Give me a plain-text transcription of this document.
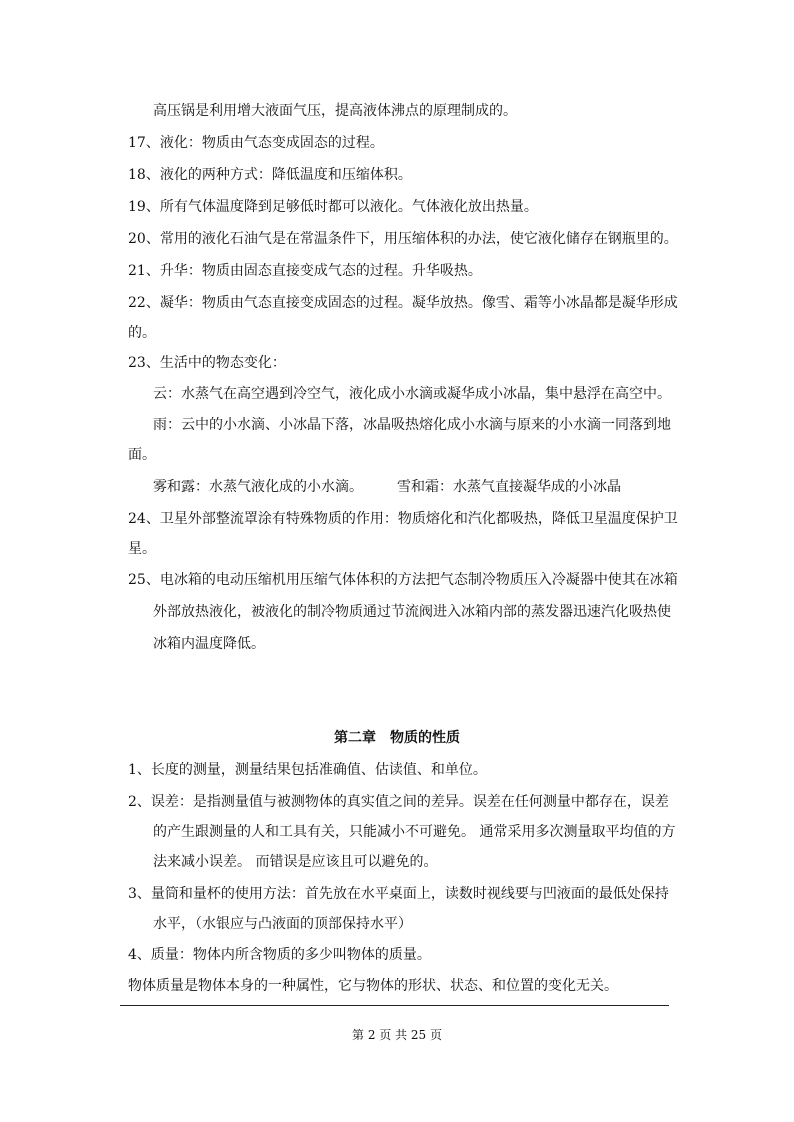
高压锅是利用增大液面气压，提高液体沸点的原理制成的。
17、液化：物质由气态变成固态的过程。
18、液化的两种方式：降低温度和压缩体积。
19、所有气体温度降到足够低时都可以液化。气体液化放出热量。
20、常用的液化石油气是在常温条件下，用压缩体积的办法，使它液化储存在钢瓶里的。
21、升华：物质由固态直接变成气态的过程。升华吸热。
22、凝华：物质由气态直接变成固态的过程。凝华放热。像雪、霜等小冰晶都是凝华形成
的。
23、生活中的物态变化：
云：水蒸气在高空遇到冷空气，液化成小水滴或凝华成小冰晶，集中悬浮在高空中。
雨：云中的小水滴、小冰晶下落，冰晶吸热熔化成小水滴与原来的小水滴一同落到地
面。
雾和露：水蒸气液化成的小水滴。 雪和霜：水蒸气直接凝华成的小冰晶
24、卫星外部整流罩涂有特殊物质的作用：物质熔化和汽化都吸热，降低卫星温度保护卫
星。
25、电冰箱的电动压缩机用压缩气体体积的方法把气态制冷物质压入冷凝器中使其在冰箱
外部放热液化，被液化的制冷物质通过节流阀进入冰箱内部的蒸发器迅速汽化吸热使
冰箱内温度降低。
第二章　物质的性质
1、长度的测量，测量结果包括准确值、估读值、和单位。
2、误差：是指测量值与被测物体的真实值之间的差异。误差在任何测量中都存在，误差
的产生跟测量的人和工具有关，只能减小不可避免。 通常采用多次测量取平均值的方
法来减小误差。 而错误是应该且可以避免的。
3、量筒和量杯的使用方法：首先放在水平桌面上，读数时视线要与凹液面的最低处保持
水平，（水银应与凸液面的顶部保持水平）
4、质量：物体内所含物质的多少叫物体的质量。
物体质量是物体本身的一种属性，它与物体的形状、状态、和位置的变化无关。
第 2 页 共 25 页
